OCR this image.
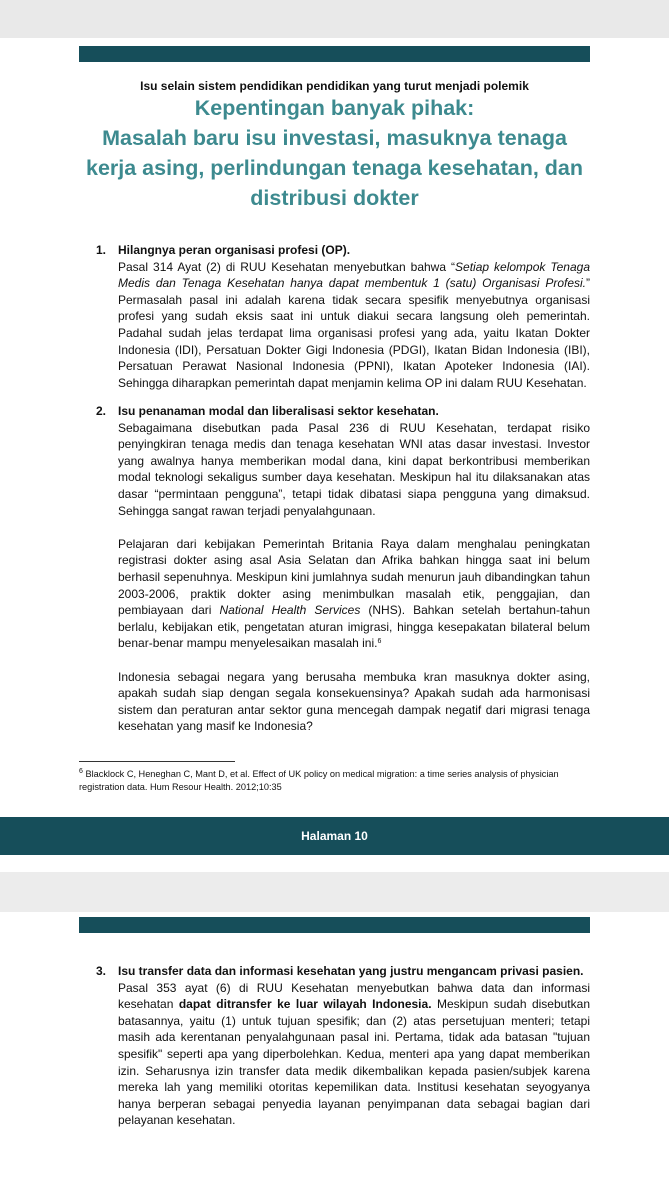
Isu selain sistem pendidikan pendidikan yang turut menjadi polemik
Kepentingan banyak pihak:
Masalah baru isu investasi, masuknya tenaga
kerja asing, perlindungan tenaga kesehatan, dan
distribusi dokter
1. Hilangnya peran organisasi profesi (OP).
Pasal 314 Ayat (2) di RUU Kesehatan menyebutkan bahwa “Setiap kelompok Tenaga Medis dan Tenaga Kesehatan hanya dapat membentuk 1 (satu) Organisasi Profesi.” Permasalah pasal ini adalah karena tidak secara spesifik menyebutnya organisasi profesi yang sudah eksis saat ini untuk diakui secara langsung oleh pemerintah. Padahal sudah jelas terdapat lima organisasi profesi yang ada, yaitu Ikatan Dokter Indonesia (IDI), Persatuan Dokter Gigi Indonesia (PDGI), Ikatan Bidan Indonesia (IBI), Persatuan Perawat Nasional Indonesia (PPNI), Ikatan Apoteker Indonesia (IAI). Sehingga diharapkan pemerintah dapat menjamin kelima OP ini dalam RUU Kesehatan.
2. Isu penanaman modal dan liberalisasi sektor kesehatan.
Sebagaimana disebutkan pada Pasal 236 di RUU Kesehatan, terdapat risiko penyingkiran tenaga medis dan tenaga kesehatan WNI atas dasar investasi. Investor yang awalnya hanya memberikan modal dana, kini dapat berkontribusi memberikan modal teknologi sekaligus sumber daya kesehatan. Meskipun hal itu dilaksanakan atas dasar “permintaan pengguna”, tetapi tidak dibatasi siapa pengguna yang dimaksud. Sehingga sangat rawan terjadi penyalahgunaan.
Pelajaran dari kebijakan Pemerintah Britania Raya dalam menghalau peningkatan registrasi dokter asing asal Asia Selatan dan Afrika bahkan hingga saat ini belum berhasil sepenuhnya. Meskipun kini jumlahnya sudah menurun jauh dibandingkan tahun 2003-2006, praktik dokter asing menimbulkan masalah etik, penggajian, dan pembiayaan dari National Health Services (NHS). Bahkan setelah bertahun-tahun berlalu, kebijakan etik, pengetatan aturan imigrasi, hingga kesepakatan bilateral belum benar-benar mampu menyelesaikan masalah ini.$^6$
Indonesia sebagai negara yang berusaha membuka kran masuknya dokter asing, apakah sudah siap dengan segala konsekuensinya? Apakah sudah ada harmonisasi sistem dan peraturan antar sektor guna mencegah dampak negatif dari migrasi tenaga kesehatan yang masif ke Indonesia?
$^6$ Blacklock C, Heneghan C, Mant D, et al. Effect of UK policy on medical migration: a time series analysis of physician registration data. Hum Resour Health. 2012;10:35
Halaman 10
3. Isu transfer data dan informasi kesehatan yang justru mengancam privasi pasien.
Pasal 353 ayat (6) di RUU Kesehatan menyebutkan bahwa data dan informasi kesehatan dapat ditransfer ke luar wilayah Indonesia. Meskipun sudah disebutkan batasannya, yaitu (1) untuk tujuan spesifik; dan (2) atas persetujuan menteri; tetapi masih ada kerentanan penyalahgunaan pasal ini. Pertama, tidak ada batasan "tujuan spesifik" seperti apa yang diperbolehkan. Kedua, menteri apa yang dapat memberikan izin. Seharusnya izin transfer data medik dikembalikan kepada pasien/subjek karena mereka lah yang memiliki otoritas kepemilikan data. Institusi kesehatan seyogyanya hanya berperan sebagai penyedia layanan penyimpanan data sebagai bagian dari pelayanan kesehatan.
